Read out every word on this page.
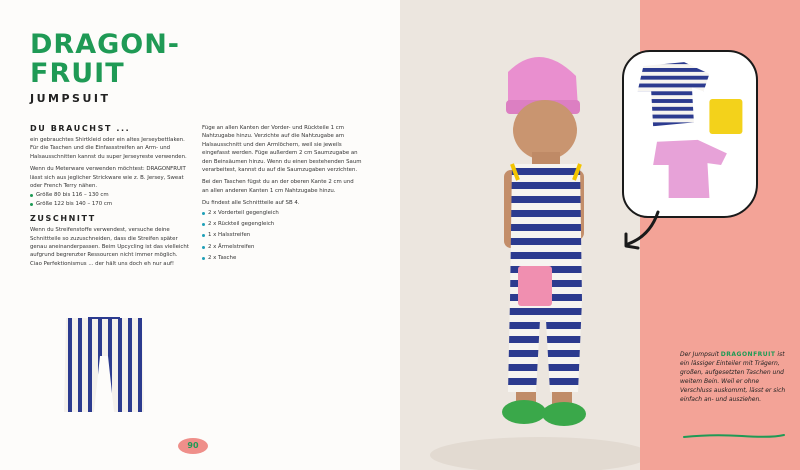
DRAGON-
FRUIT
JUMPSUIT
DU BRAUCHST ...
ein gebrauchtes Shirtkleid oder ein altes Jerseybettlaken. Für die Taschen und die Einfassstreifen an Arm- und Halsausschnitten kannst du super Jerseyreste verwenden.
Wenn du Meterware verwenden möchtest: DRAGONFRUIT lässt sich aus jeglicher Strickware wie z. B. Jersey, Sweat oder French Terry nähen.
Größe 80 bis 116 – 130 cm
Größe 122 bis 140 – 170 cm
ZUSCHNITT
Wenn du Streifenstoffe verwendest, versuche deine Schnittteile so zuzuschneiden, dass die Streifen später genau aneinanderpassen. Beim Upcycling ist das vielleicht aufgrund begrenzter Ressourcen nicht immer möglich. Ciao Perfektionismus ... der hält uns doch eh nur auf!
Füge an allen Kanten der Vorder- und Rückteile 1 cm Nahtzugabe hinzu. Verzichte auf die Nahtzugabe am Halsausschnitt und den Armlöchern, weil sie jeweils eingefasst werden. Füge außerdem 2 cm Saumzugabe an den Beinsäumen hinzu. Wenn du einen bestehenden Saum verarbeitest, kannst du auf die Saumzugaben verzichten.
Bei den Taschen fügst du an der oberen Kante 2 cm und an allen anderen Kanten 1 cm Nahtzugabe hinzu.
Du findest alle Schnittteile auf SB 4.
2 x Vorderteil gegengleich
2 x Rückteil gegengleich
1 x Halsstreifen
2 x Ärmelstreifen
2 x Tasche
90
Der Jumpsuit DRAGONFRUIT ist ein lässiger Einteiler mit Trägern, großen, aufgesetzten Taschen und weitem Bein. Weil er ohne Verschluss auskommt, lässt er sich einfach an- und ausziehen.
